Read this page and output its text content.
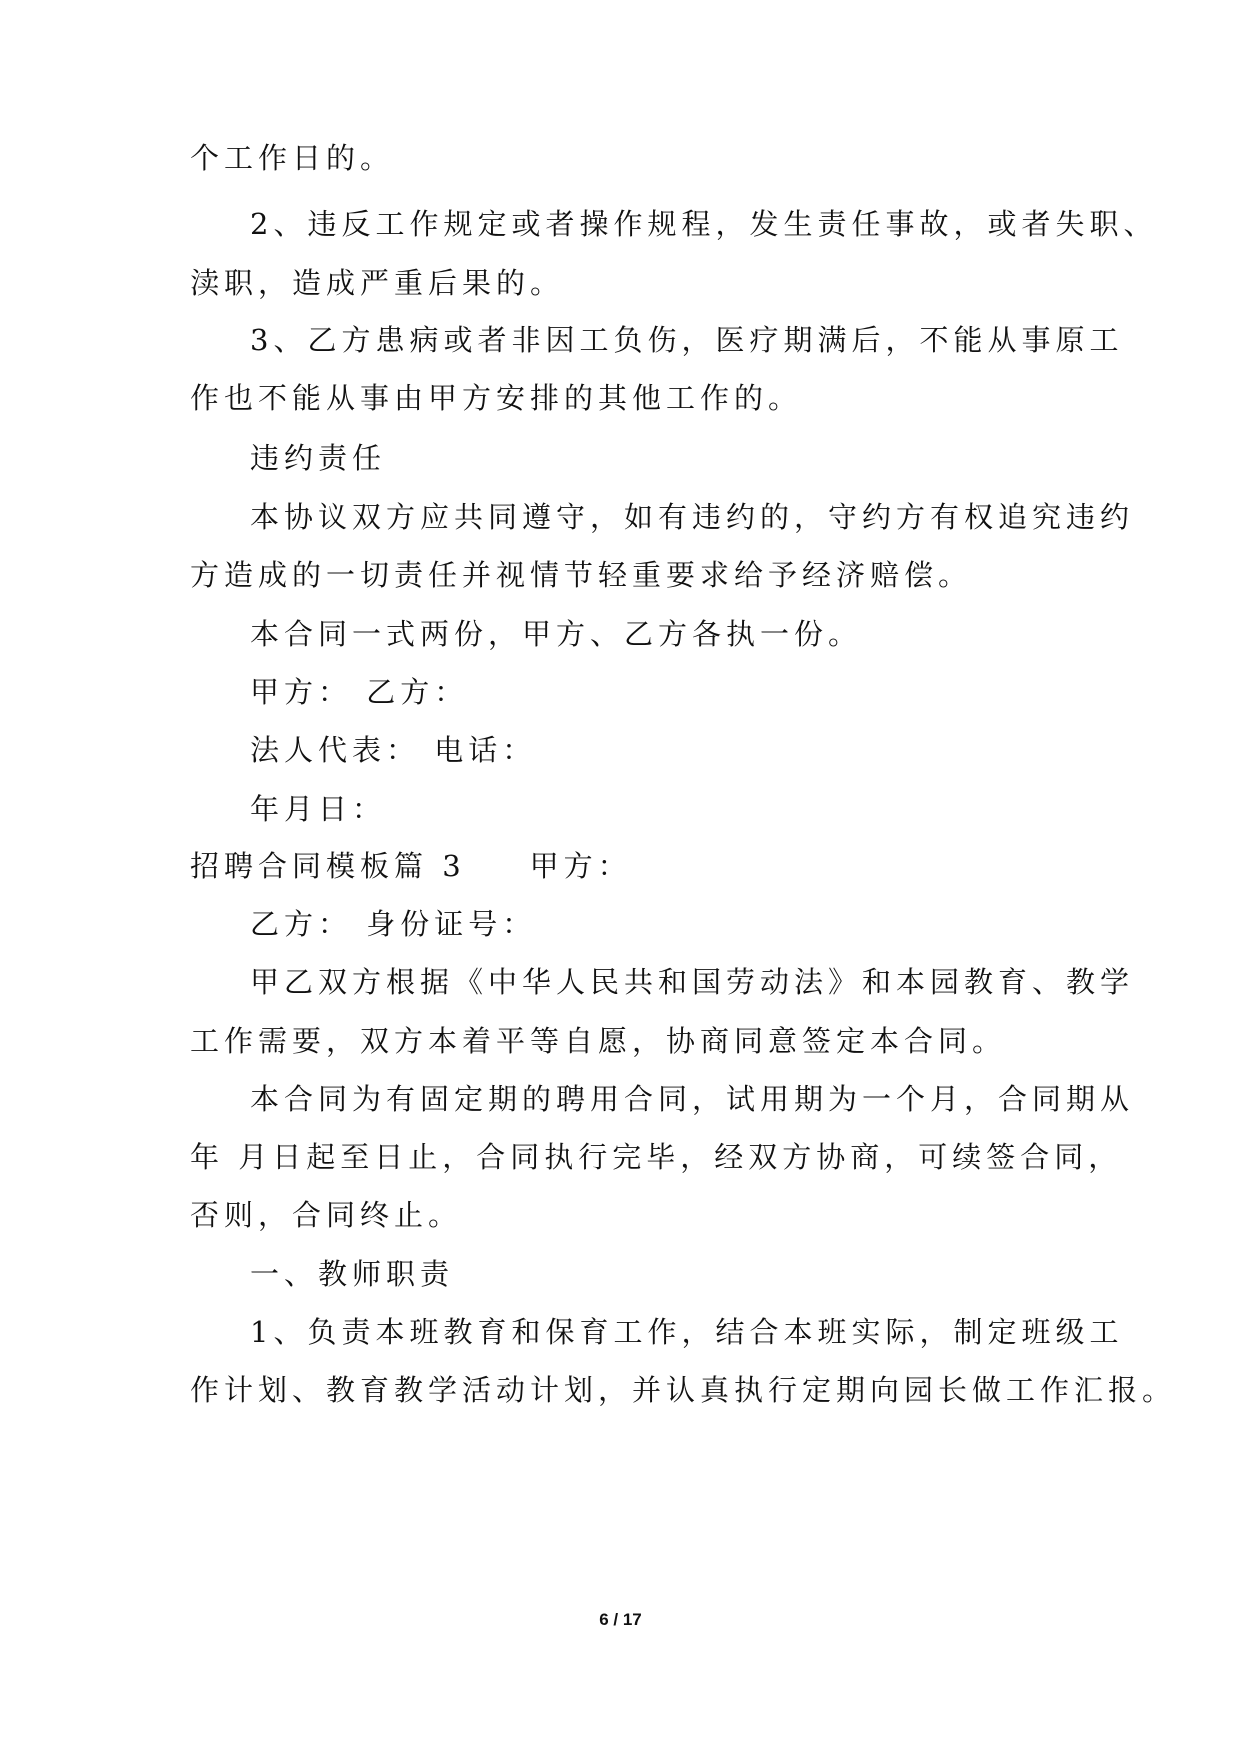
个工作日的。
2、违反工作规定或者操作规程，发生责任事故，或者失职、
渎职，造成严重后果的。
3、乙方患病或者非因工负伤，医疗期满后，不能从事原工
作也不能从事由甲方安排的其他工作的。
违约责任
本协议双方应共同遵守，如有违约的，守约方有权追究违约
方造成的一切责任并视情节轻重要求给予经济赔偿。
本合同一式两份，甲方、乙方各执一份。
甲方： 乙方：
法人代表： 电话：
年月日：
招聘合同模板篇 3 甲方：
乙方： 身份证号：
甲乙双方根据《中华人民共和国劳动法》和本园教育、教学
工作需要，双方本着平等自愿，协商同意签定本合同。
本合同为有固定期的聘用合同，试用期为一个月，合同期从
年 月日起至日止，合同执行完毕，经双方协商，可续签合同，
否则，合同终止。
一、教师职责
1、负责本班教育和保育工作，结合本班实际，制定班级工
作计划、教育教学活动计划，并认真执行定期向园长做工作汇报。
6 / 17
